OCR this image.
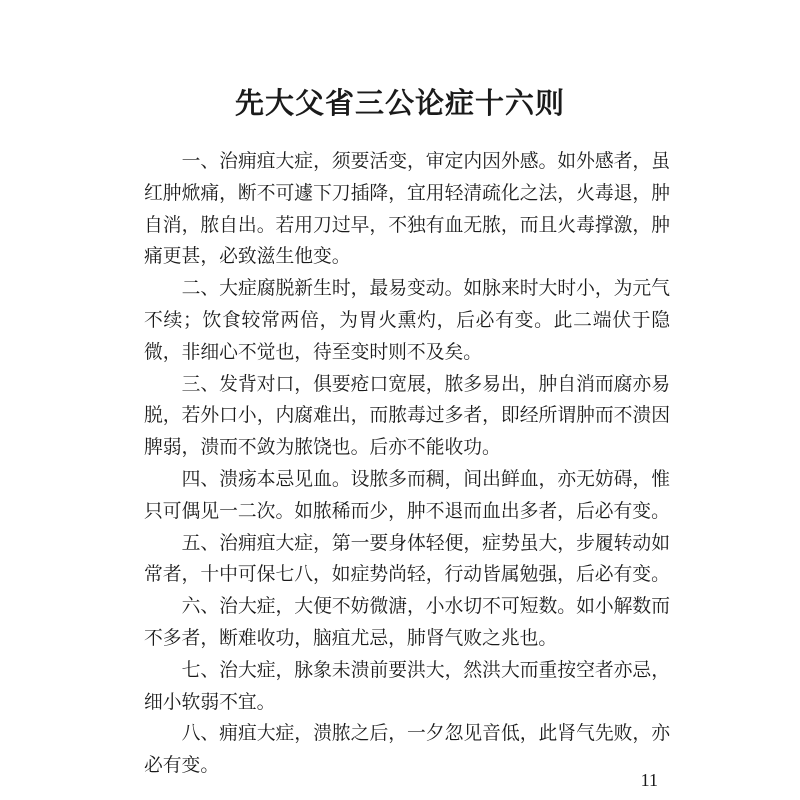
先大父省三公论症十六则

一、治痈疽大症，须要活变，审定内因外感。如外感者，虽红肿焮痛，断不可遽下刀插降，宜用轻清疏化之法，火毒退，肿自消，脓自出。若用刀过早，不独有血无脓，而且火毒撑激，肿痛更甚，必致滋生他变。

二、大症腐脱新生时，最易变动。如脉来时大时小，为元气不续；饮食较常两倍，为胃火熏灼，后必有变。此二端伏于隐微，非细心不觉也，待至变时则不及矣。

三、发背对口，俱要疮口宽展，脓多易出，肿自消而腐亦易脱，若外口小，内腐难出，而脓毒过多者，即经所谓肿而不溃因脾弱，溃而不敛为脓饶也。后亦不能收功。

四、溃疡本忌见血。设脓多而稠，间出鲜血，亦无妨碍，惟只可偶见一二次。如脓稀而少，肿不退而血出多者，后必有变。

五、治痈疽大症，第一要身体轻便，症势虽大，步履转动如常者，十中可保七八，如症势尚轻，行动皆属勉强，后必有变。

六、治大症，大便不妨微溏，小水切不可短数。如小解数而不多者，断难收功，脑疽尤忌，肺肾气败之兆也。

七、治大症，脉象未溃前要洪大，然洪大而重按空者亦忌，细小软弱不宜。

八、痈疽大症，溃脓之后，一夕忽见音低，此肾气先败，亦必有变。

11
